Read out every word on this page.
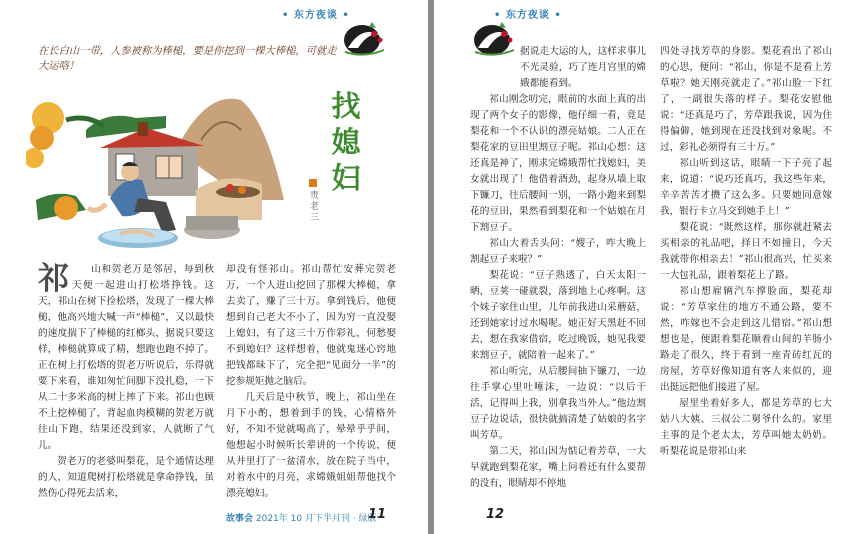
• 东方夜谈 •
在长白山一带，人参被称为棒槌，要是你挖到一棵大棒槌，可就走大运咯！
找媳妇
贵老三

祁 山和贺老万是邻居，每到秋天便一起进山打松塔挣钱。这天，祁山在树下捡松塔，发现了一棵大棒槌，他高兴地大喊一声“棒槌”，又以最快的速度揣下了棒槌的红榔头，据说只要这样，棒槌就算成了精，想跑也跑不掉了。正在树上打松塔的贺老万听说后，乐得就要下来看，谁知匆忙间脚下没扎稳，一下从二十多米高的树上摔了下来。祁山也顾不上挖棒槌了，背起血肉模糊的贺老万就往山下跑，结果还没到家，人就断了气儿。

贺老万的老婆叫梨花，是个通情达理的人，知道爬树打松塔就是拿命挣钱，虽然伤心得死去活来，

却没有怪祁山。祁山帮忙安葬完贺老万，一个人进山挖回了那棵大棒槌，拿去卖了，赚了三十万。拿到钱后，他便想到自己老大不小了，因为穷一直没娶上媳妇，有了这三十万作彩礼，何愁娶不到媳妇？这样想着，他就鬼迷心窍地把钱都昧下了，完全把“见面分一半”的挖参规矩抛之脑后。

几天后是中秋节，晚上，祁山坐在月下小酌，想着到手的钱，心情格外好，不知不觉就喝高了，晕晕乎乎间，他想起小时候听长辈讲的一个传说，便从井里打了一盆清水，放在院子当中，对着水中的月亮，求嫦娥姐姐帮他找个漂亮媳妇。

故事会 2021年 10 月下半月刊 · 绿版
11
• 东方夜谈 •

据说走大运的人，这样求事儿不光灵验，巧了连月宫里的嫦娥都能看到。

祁山刚念叨完，眼前的水面上真的出现了两个女子的影像，他仔细一看，竟是梨花和一个不认识的漂亮姑娘。二人正在梨花家的豆田里割豆子呢。祁山心想：这还真是神了，刚求完嫦娥帮忙找媳妇，美女就出现了！他借着酒劲，起身从墙上取下镰刀，往后腰间一别，一路小跑来到梨花的豆田，果然看到梨花和一个姑娘在月下割豆子。

祁山大着舌头问：“嫂子，咋大晚上割起豆子来啦？”

梨花说：“豆子熟透了，白天太阳一晒，豆荚一碰就裂，落到地上心疼啊。这个妹子家住山里，儿年前我进山采蘑菇，还到她家讨过水喝呢。她正好天黑赶不回去，想在我家借宿，吃过晚饭，她见我要来割豆子，就陪着一起来了。”

祁山听完，从后腰间抽下镰刀，一边往手掌心里吐唾沫，一边说：“以后干活，记得叫上我，别拿我当外人。”他边割豆子边说话，很快就搞清楚了姑娘的名字叫芳草。

第二天，祁山因为惦记着芳草，一大早就跑到梨花家，嘴上问着还有什么要帮的没有，眼睛却不停地

四处寻找芳草的身影。梨花看出了祁山的心思，便问：“祁山，你是不是看上芳草啦？她天刚亮就走了。”祁山脸一下红了，一副很失落的样子。梨花安慰他说：“还真是巧了，芳草跟我说，因为住得偏僻，她到现在还没找到对象呢。不过，彩礼必须得有三十万。”

祁山听到这话，眼睛一下子亮了起来，说道：“说巧还真巧，我这些年来，辛辛苦苦才攒了这么多。只要她同意嫁我，银行卡立马交到她手上！”

梨花说：“既然这样，那你就赶紧去买相亲的礼品吧，择日不如撞日，今天我就带你相亲去！”祁山很高兴，忙买来一大包礼品，跟着梨花上了路。

祁山想雇辆汽车撑脸面，梨花却说：“芳草家住的地方不通公路，要不然，咋嫁也不会走到这儿借宿。”祁山想想也是，便跟着梨花顺着山间的羊肠小路走了很久，终于看到一座青砖红瓦的房屋，芳草好像知道有客人来似的，迎出挺远把他们接进了屋。

屋里坐着好多人，都是芳草的七大姑八大姨、三叔公二舅爷什么的。家里主事的是个老太太，芳草叫她太奶奶。听梨花说是带祁山来

12
